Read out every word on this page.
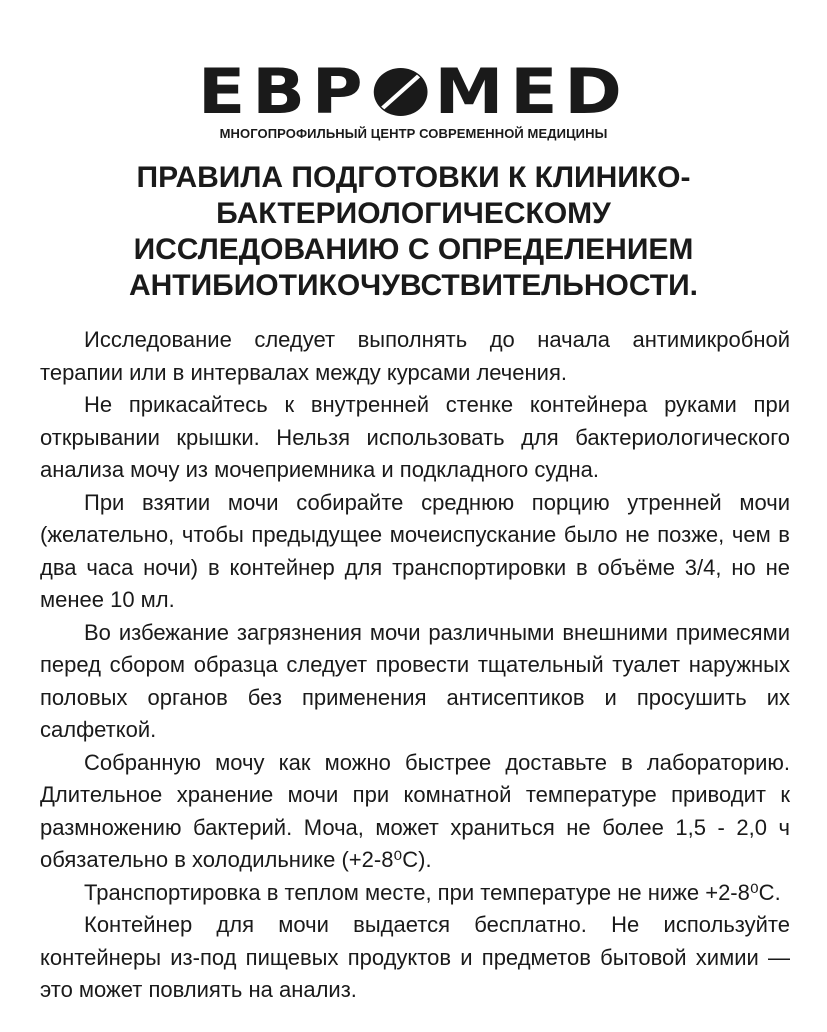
ЕВР MED
МНОГОПРОФИЛЬНЫЙ ЦЕНТР СОВРЕМЕННОЙ МЕДИЦИНЫ
ПРАВИЛА ПОДГОТОВКИ К КЛИНИКО-
БАКТЕРИОЛОГИЧЕСКОМУ
ИССЛЕДОВАНИЮ С ОПРЕДЕЛЕНИЕМ
АНТИБИОТИКОЧУВСТВИТЕЛЬНОСТИ.

Исследование следует выполнять до начала антимикробной терапии или в интервалах между курсами лечения.

Не прикасайтесь к внутренней стенке контейнера руками при открывании крышки. Нельзя использовать для бактериологического анализа мочу из мочеприемника и подкладного судна.

При взятии мочи собирайте среднюю порцию утренней мочи (желательно, чтобы предыдущее мочеиспускание было не позже, чем в два часа ночи) в контейнер для транспортировки в объёме 3/4, но не менее 10 мл.

Во избежание загрязнения мочи различными внешними примесями перед сбором образца следует провести тщательный туалет наружных половых органов без применения антисептиков и просушить их салфеткой.

Собранную мочу как можно быстрее доставьте в лабораторию. Длительное хранение мочи при комнатной температуре приводит к размножению бактерий. Моча, может храниться не более 1,5 - 2,0 ч обязательно в холодильнике (+2-8⁰С).

Транспортировка в теплом месте, при температуре не ниже +2-8⁰С.

Контейнер для мочи выдается бесплатно. Не используйте контейнеры из-под пищевых продуктов и предметов бытовой химии — это может повлиять на анализ.
